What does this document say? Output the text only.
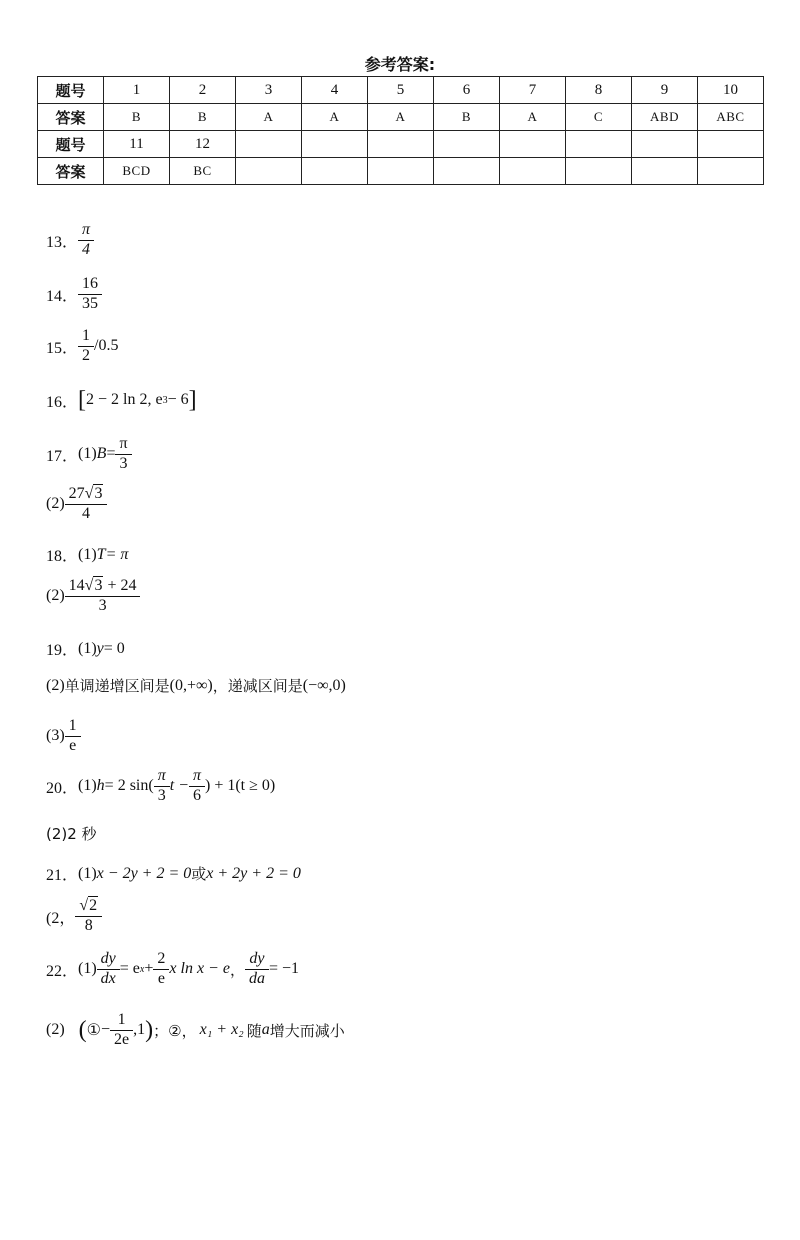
参考答案:
题号	1	2	3	4	5	6	7	8	9	10
答案	B	B	A	A	A	B	A	C	ABD	ABC
题号	11	12								
答案	BCD	BC								
13． $\frac{\pi}{4}$
14． $\frac{16}{35}$
15． $\frac{1}{2} /0.5$
16． [ 2 − 2 ln 2, e 3 − 6 ]
17． (1) $B = \frac{\pi}{3}$
$(2) \frac{27√3}{4}$
18． (1) T = π
$(2) \frac{14√3 + 24}{3}$
19． (1) y = 0
(2) 单调递增区间是 (0,+∞) ，递减区间是 (−∞,0)
$(3) \frac{1}{e}$
20． (1) h = 2 $\sin( \frac{\pi}{3}$ $t - \frac{\pi}{6}$ ) + 1(t ≥ 0)
(2)2 秒
21． (1) x − 2y + 2 = 0 或 x + 2y + 2 = 0
(2， $\frac{√2}{8}$
22． $(1) \frac{dy}{dx} = e$ $x + \frac{2}{e}$ x ln x − e ， $\frac{dy}{da} = -1$
(2) ( ① − $\frac{1}{2e} ,1$ ) ； ②， x₁ + x₂ 随 a 增大而减小
